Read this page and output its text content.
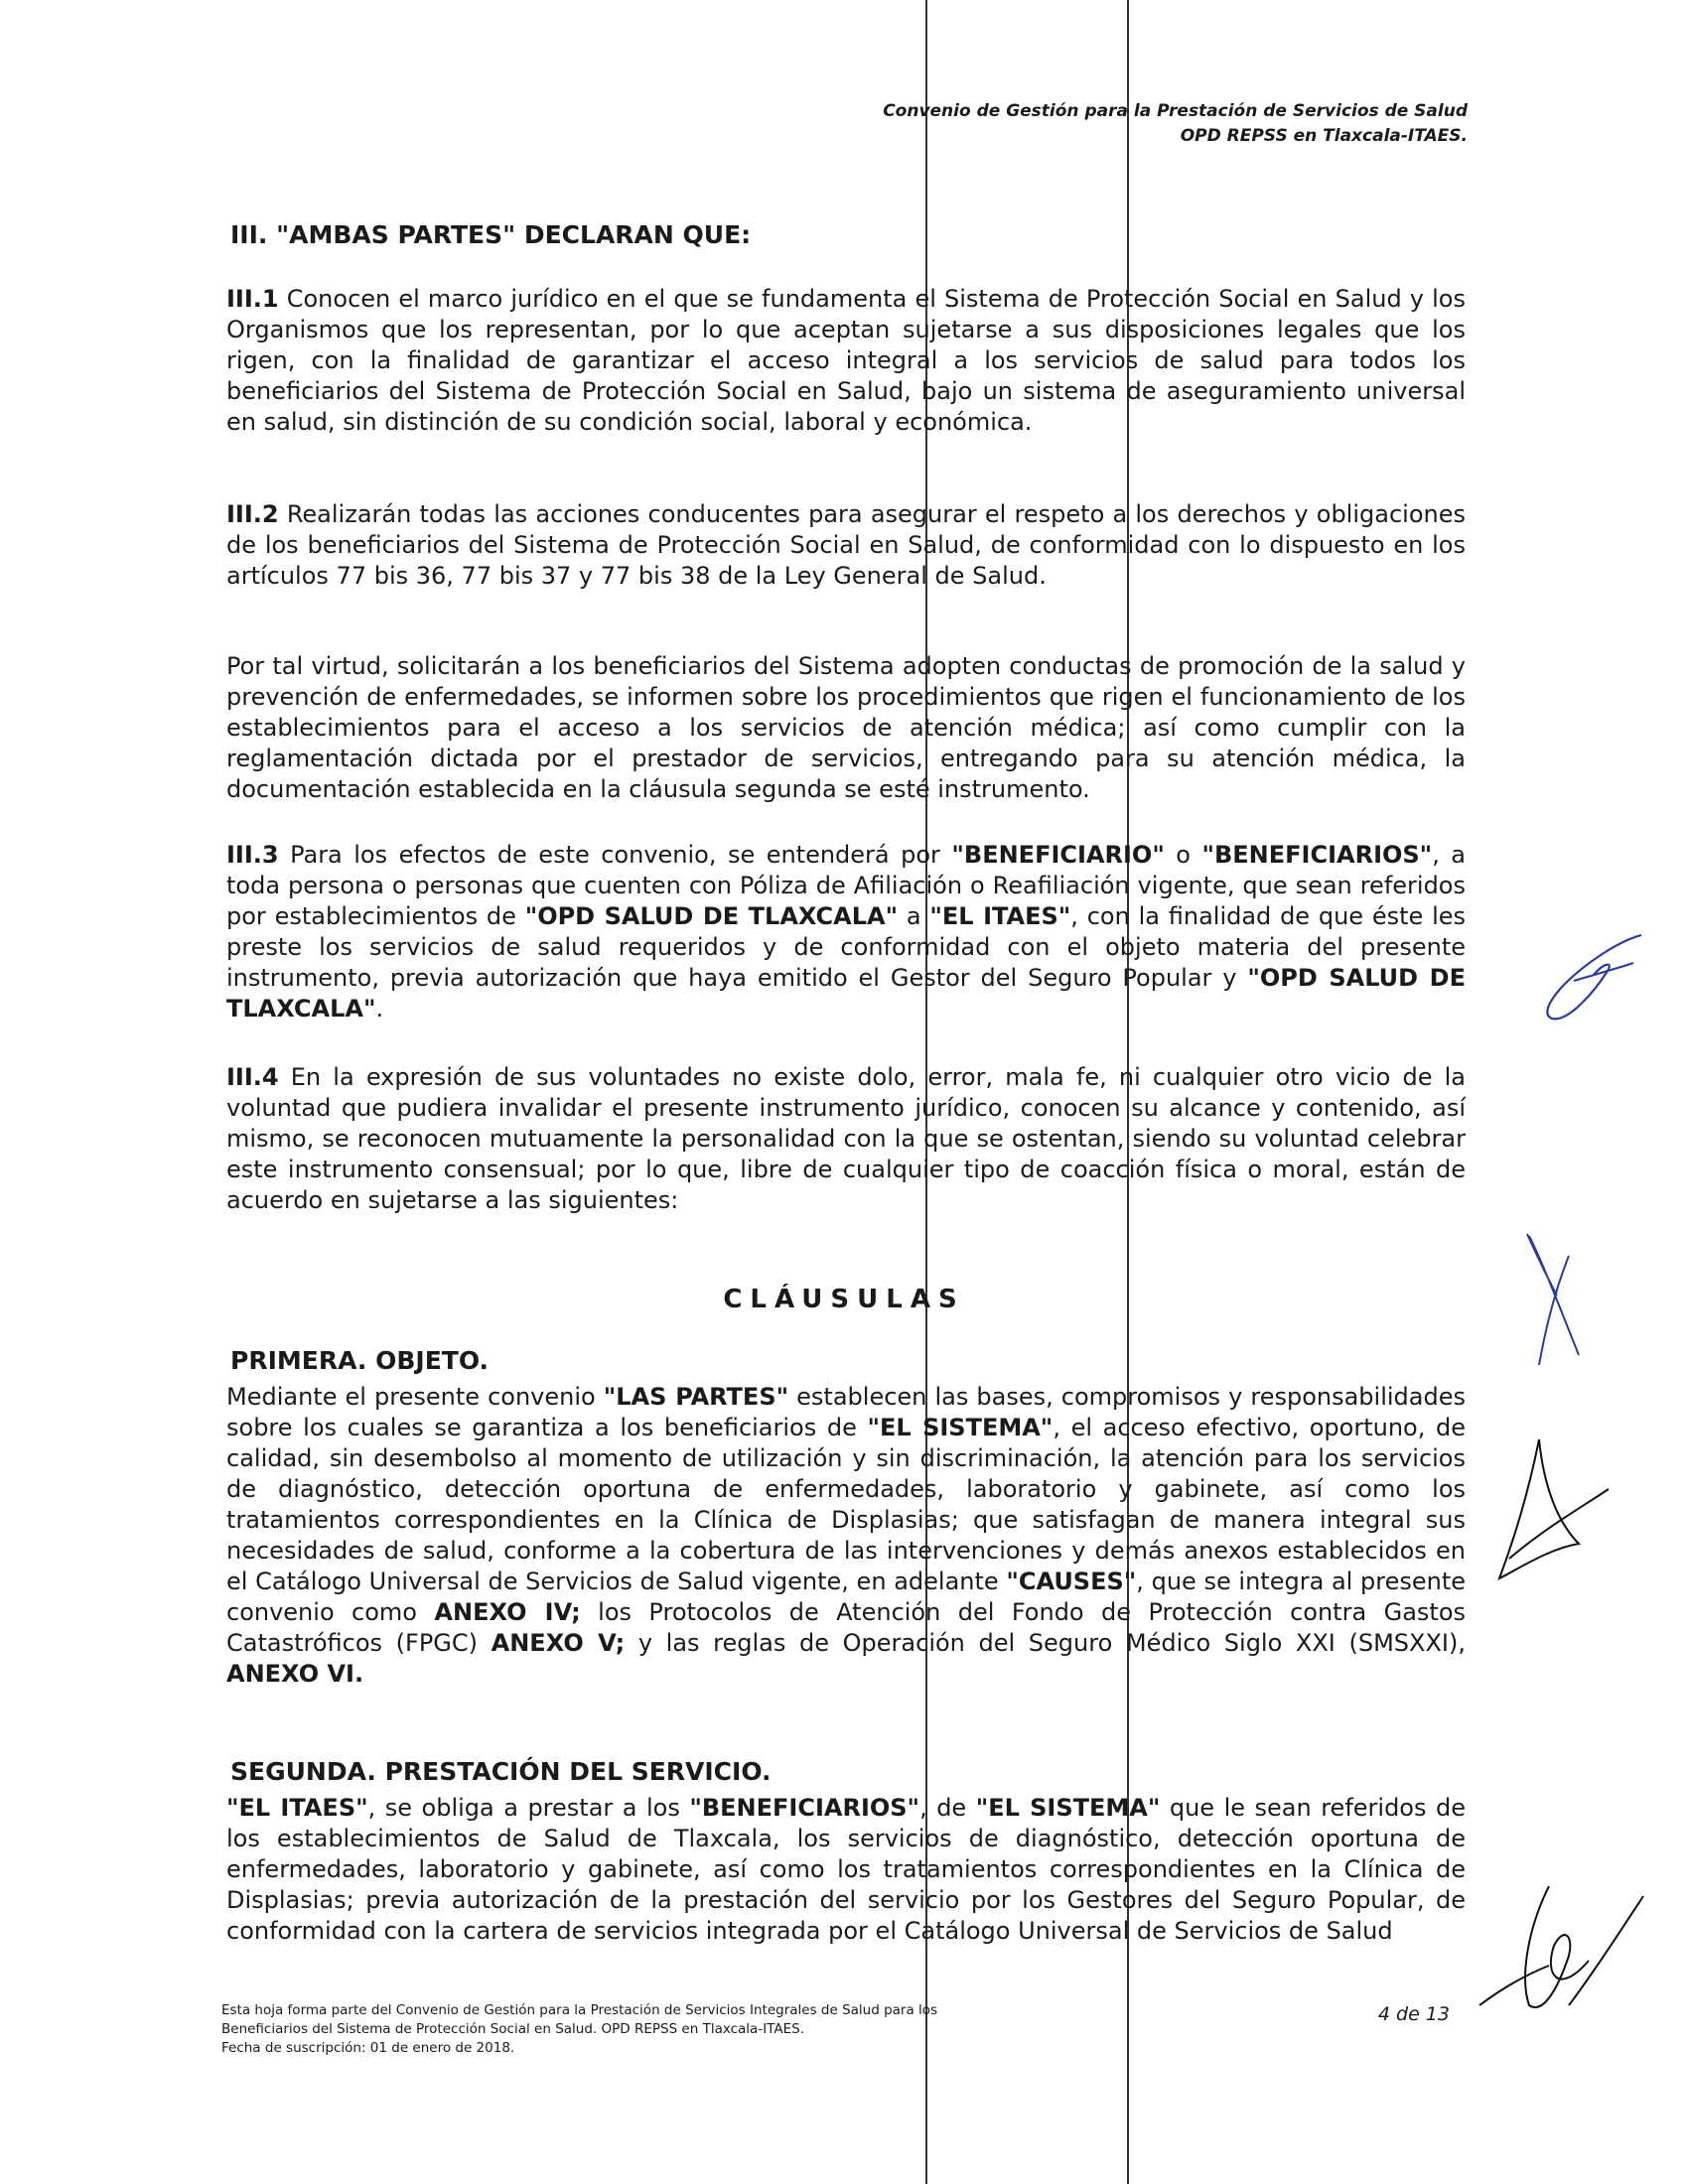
Convenio de Gestión para la Prestación de Servicios de Salud
OPD REPSS en Tlaxcala-ITAES.
III. "AMBAS PARTES" DECLARAN QUE:

III.1 Conocen el marco jurídico en el que se fundamenta el Sistema de Protección Social en Salud y los Organismos que los representan, por lo que aceptan sujetarse a sus disposiciones legales que los rigen, con la finalidad de garantizar el acceso integral a los servicios de salud para todos los beneficiarios del Sistema de Protección Social en Salud, bajo un sistema de aseguramiento universal en salud, sin distinción de su condición social, laboral y económica.

III.2 Realizarán todas las acciones conducentes para asegurar el respeto a los derechos y obligaciones de los beneficiarios del Sistema de Protección Social en Salud, de conformidad con lo dispuesto en los artículos 77 bis 36, 77 bis 37 y 77 bis 38 de la Ley General de Salud.

Por tal virtud, solicitarán a los beneficiarios del Sistema adopten conductas de promoción de la salud y prevención de enfermedades, se informen sobre los procedimientos que rigen el funcionamiento de los establecimientos para el acceso a los servicios de atención médica; así como cumplir con la reglamentación dictada por el prestador de servicios, entregando para su atención médica, la documentación establecida en la cláusula segunda se esté instrumento.

III.3 Para los efectos de este convenio, se entenderá por "BENEFICIARIO" o "BENEFICIARIOS", a toda persona o personas que cuenten con Póliza de Afiliación o Reafiliación vigente, que sean referidos por establecimientos de "OPD SALUD DE TLAXCALA" a "EL ITAES", con la finalidad de que éste les preste los servicios de salud requeridos y de conformidad con el objeto materia del presente instrumento, previa autorización que haya emitido el Gestor del Seguro Popular y "OPD SALUD DE TLAXCALA".

III.4 En la expresión de sus voluntades no existe dolo, error, mala fe, ni cualquier otro vicio de la voluntad que pudiera invalidar el presente instrumento jurídico, conocen su alcance y contenido, así mismo, se reconocen mutuamente la personalidad con la que se ostentan, siendo su voluntad celebrar este instrumento consensual; por lo que, libre de cualquier tipo de coacción física o moral, están de acuerdo en sujetarse a las siguientes:

CLÁUSULAS
PRIMERA. OBJETO.

Mediante el presente convenio "LAS PARTES" establecen las bases, compromisos y responsabilidades sobre los cuales se garantiza a los beneficiarios de "EL SISTEMA", el acceso efectivo, oportuno, de calidad, sin desembolso al momento de utilización y sin discriminación, la atención para los servicios de diagnóstico, detección oportuna de enfermedades, laboratorio y gabinete, así como los tratamientos correspondientes en la Clínica de Displasias; que satisfagan de manera integral sus necesidades de salud, conforme a la cobertura de las intervenciones y demás anexos establecidos en el Catálogo Universal de Servicios de Salud vigente, en adelante "CAUSES", que se integra al presente convenio como ANEXO IV; los Protocolos de Atención del Fondo de Protección contra Gastos Catastróficos (FPGC) ANEXO V; y las reglas de Operación del Seguro Médico Siglo XXI (SMSXXI), ANEXO VI.

SEGUNDA. PRESTACIÓN DEL SERVICIO.

"EL ITAES", se obliga a prestar a los "BENEFICIARIOS", de "EL SISTEMA" que le sean referidos de los establecimientos de Salud de Tlaxcala, los servicios de diagnóstico, detección oportuna de enfermedades, laboratorio y gabinete, así como los tratamientos correspondientes en la Clínica de Displasias; previa autorización de la prestación del servicio por los Gestores del Seguro Popular, de conformidad con la cartera de servicios integrada por el Catálogo Universal de Servicios de Salud

Esta hoja forma parte del Convenio de Gestión para la Prestación de Servicios Integrales de Salud para los
Beneficiarios del Sistema de Protección Social en Salud. OPD REPSS en Tlaxcala-ITAES.
Fecha de suscripción: 01 de enero de 2018.
4 de 13
